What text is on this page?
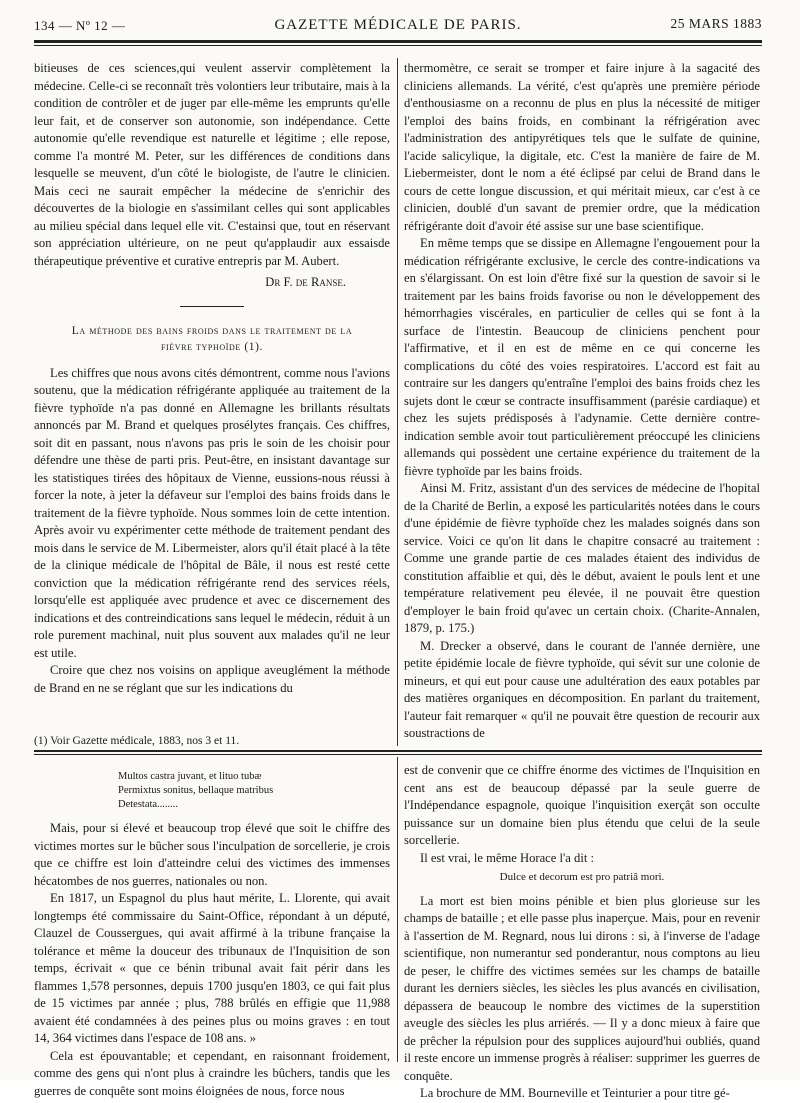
134 — Nº 12 —	GAZETTE MÉDICALE DE PARIS.	25 MARS 1883

bitieuses de ces sciences,qui veulent asservir complètement la médecine. Celle-ci se reconnaît très volontiers leur tributaire, mais à la condition de contrôler et de juger par elle-même les emprunts qu'elle leur fait, et de conserver son autonomie, son indépendance. Cette autonomie qu'elle revendique est naturelle et légitime ; elle repose, comme l'a montré M. Peter, sur les différences de conditions dans lesquelle se meuvent, d'un côté le biologiste, de l'autre le clinicien. Mais ceci ne saurait empêcher la médecine de s'enrichir des découvertes de la biologie en s'assimilant celles qui sont applicables au milieu spécial dans lequel elle vit. C'estainsi que, tout en réservant son appréciation ultérieure, on ne peut qu'applaudir aux essaisde thérapeutique préventive et curative entrepris par M. Aubert.

Dr F. de Ranse.
La méthode des bains froids dans le traitement de la
fièvre typhoïde (1).

Les chiffres que nous avons cités démontrent, comme nous l'avions soutenu, que la médication réfrigérante appliquée au traitement de la fièvre typhoïde n'a pas donné en Allemagne les brillants résultats annoncés par M. Brand et quelques prosélytes français. Ces chiffres, soit dit en passant, nous n'avons pas pris le soin de les choisir pour défendre une thèse de parti pris. Peut-être, en insistant davantage sur les statistiques tirées des hôpitaux de Vienne, eussions-nous réussi à forcer la note, à jeter la défaveur sur l'emploi des bains froids dans le traitement de la fièvre typhoïde. Nous sommes loin de cette intention. Après avoir vu expérimenter cette méthode de traitement pendant des mois dans le service de M. Libermeister, alors qu'il était placé à la tête de la clinique médicale de l'hôpital de Bâle, il nous est resté cette conviction que la médication réfrigérante rend des services réels, lorsqu'elle est appliquée avec prudence et avec ce discernement des indications et des contreindications sans lequel le médecin, réduit à un role purement machinal, nuit plus souvent aux malades qu'il ne leur est utile.

Croire que chez nos voisins on applique aveuglément la méthode de Brand en ne se réglant que sur les indications du

thermomètre, ce serait se tromper et faire injure à la sagacité des cliniciens allemands. La vérité, c'est qu'après une première période d'enthousiasme on a reconnu de plus en plus la nécessité de mitiger l'emploi des bains froids, en combinant la réfrigération avec l'administration des antipyrétiques tels que le sulfate de quinine, l'acide salicylique, la digitale, etc. C'est la manière de faire de M. Liebermeister, dont le nom a été éclipsé par celui de Brand dans le cours de cette longue discussion, et qui méritait mieux, car c'est à ce clinicien, doublé d'un savant de premier ordre, que la médication réfrigérante doit d'avoir été assise sur une base scientifique.

En même temps que se dissipe en Allemagne l'engouement pour la médication réfrigérante exclusive, le cercle des contre-indications va en s'élargissant. On est loin d'être fixé sur la question de savoir si le traitement par les bains froids favorise ou non le développement des hémorrhagies viscérales, en particulier de celles qui se font à la surface de l'intestin. Beaucoup de cliniciens penchent pour l'affirmative, et il en est de même en ce qui concerne les complications du côté des voies respiratoires. L'accord est fait au contraire sur les dangers qu'entraîne l'emploi des bains froids chez les sujets dont le cœur se contracte insuffisamment (parésie cardiaque) et chez les sujets prédisposés à l'adynamie. Cette dernière contre-indication semble avoir tout particulièrement préoccupé les cliniciens allemands qui possèdent une certaine expérience du traitement de la fièvre typhoïde par les bains froids.

Ainsi M. Fritz, assistant d'un des services de médecine de l'hopital de la Charité de Berlin, a exposé les particularités notées dans le cours d'une épidémie de fièvre typhoïde chez les malades soignés dans son service. Voici ce qu'on lit dans le chapitre consacré au traitement : Comme une grande partie de ces malades étaient des individus de constitution affaiblie et qui, dès le début, avaient le pouls lent et une température relativement peu élevée, il ne pouvait être question d'employer le bain froid qu'avec un certain choix. (Charite-Annalen, 1879, p. 175.)

M. Drecker a observé, dans le courant de l'année dernière, une petite épidémie locale de fièvre typhoïde, qui sévit sur une colonie de mineurs, et qui eut pour cause une adultération des eaux potables par des matières organiques en décomposition. En parlant du traitement, l'auteur fait remarquer « qu'il ne pouvait être question de recourir aux soustractions de

(1) Voir Gazette médicale, 1883, nos 3 et 11.
Multos castra juvant, et lituo tubæ
Permixtus sonitus, bellaque matribus
Detestata........

Mais, pour si élevé et beaucoup trop élevé que soit le chiffre des victimes mortes sur le bûcher sous l'inculpation de sorcellerie, je crois que ce chiffre est loin d'atteindre celui des victimes des immenses hécatombes de nos guerres, nationales ou non.

En 1817, un Espagnol du plus haut mérite, L. Llorente, qui avait longtemps été commissaire du Saint-Office, répondant à un député, Clauzel de Coussergues, qui avait affirmé à la tribune française la tolérance et même la douceur des tribunaux de l'Inquisition de son temps, écrivait « que ce bénin tribunal avait fait périr dans les flammes 1,578 personnes, depuis 1700 jusqu'en 1803, ce qui fait plus de 15 victimes par année ; plus, 788 brûlés en effigie que 11,988 avaient été condamnées à des peines plus ou moins graves : en tout 14, 364 victimes dans l'espace de 108 ans. »

Cela est épouvantable; et cependant, en raisonnant froidement, comme des gens qui n'ont plus à craindre les bûchers, tandis que les guerres de conquête sont moins éloignées de nous, force nous

est de convenir que ce chiffre énorme des victimes de l'Inquisition en cent ans est de beaucoup dépassé par la seule guerre de l'Indépendance espagnole, quoique l'inquisition exerçât son occulte puissance sur un domaine bien plus étendu que celui de la seule sorcellerie.

Il est vrai, le même Horace l'a dit :

Dulce et decorum est pro patriâ mori.

La mort est bien moins pénible et bien plus glorieuse sur les champs de bataille ; et elle passe plus inaperçue. Mais, pour en revenir à l'assertion de M. Regnard, nous lui dirons : si, à l'inverse de l'adage scientifique, non numerantur sed ponderantur, nous comptons au lieu de peser, le chiffre des victimes semées sur les champs de bataille durant les derniers siècles, les siècles les plus avancés en civilisation, dépassera de beaucoup le nombre des victimes de la superstition aveugle des siècles les plus arriérés. — Il y a donc mieux à faire que de prêcher la répulsion pour des supplices aujourd'hui oubliés, quand il reste encore un immense progrès à réaliser: supprimer les guerres de conquête.

La brochure de MM. Bourneville et Teinturier a pour titre gé-
